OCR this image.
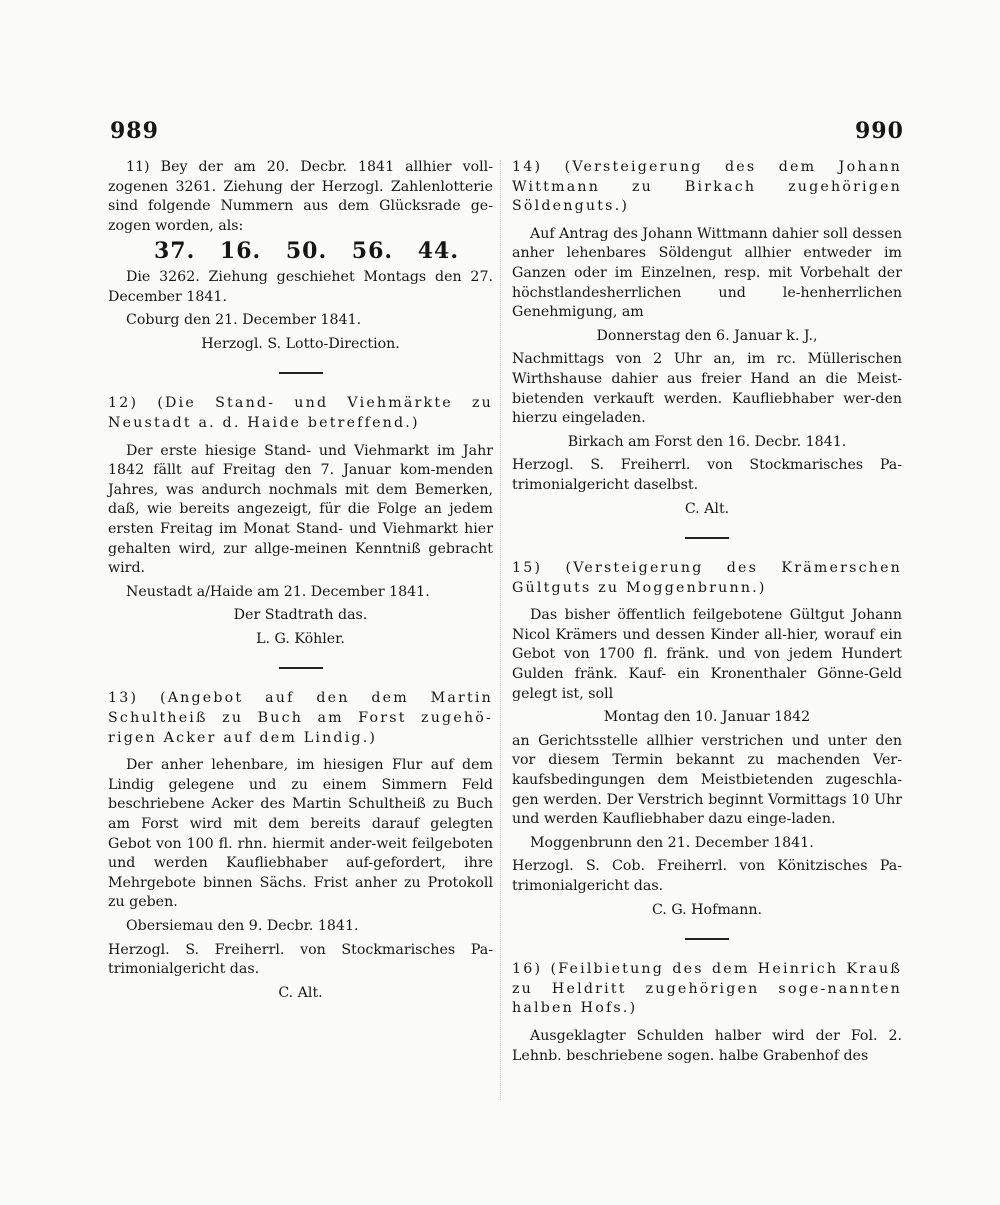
989	990

11) Bey der am 20. Decbr. 1841 allhier voll-zogenen 3261. Ziehung der Herzogl. Zahlenlotterie sind folgende Nummern aus dem Glücksrade ge-zogen worden, als:

37. 16. 50. 56. 44.

Die 3262. Ziehung geschiehet Montags den 27. December 1841.

Coburg den 21. December 1841.

Herzogl. S. Lotto-Direction.

12) (Die Stand- und Viehmärkte zu Neustadt a. d. Haide betreffend.)

Der erste hiesige Stand- und Viehmarkt im Jahr 1842 fällt auf Freitag den 7. Januar kom-menden Jahres, was andurch nochmals mit dem Bemerken, daß, wie bereits angezeigt, für die Folge an jedem ersten Freitag im Monat Stand- und Viehmarkt hier gehalten wird, zur allge-meinen Kenntniß gebracht wird.

Neustadt a/Haide am 21. December 1841.

Der Stadtrath das.

L. G. Köhler.

13) (Angebot auf den dem Martin Schultheiß zu Buch am Forst zugehö-rigen Acker auf dem Lindig.)

Der anher lehenbare, im hiesigen Flur auf dem Lindig gelegene und zu einem Simmern Feld beschriebene Acker des Martin Schultheiß zu Buch am Forst wird mit dem bereits darauf gelegten Gebot von 100 fl. rhn. hiermit ander-weit feilgeboten und werden Kaufliebhaber auf-gefordert, ihre Mehrgebote binnen Sächs. Frist anher zu Protokoll zu geben.

Obersiemau den 9. Decbr. 1841.

Herzogl. S. Freiherrl. von Stockmarisches Pa-trimonialgericht das.

C. Alt.

14) (Versteigerung des dem Johann Wittmann zu Birkach zugehörigen Söldenguts.)

Auf Antrag des Johann Wittmann dahier soll dessen anher lehenbares Söldengut allhier entweder im Ganzen oder im Einzelnen, resp. mit Vorbehalt der höchstlandesherrlichen und le-henherrlichen Genehmigung, am

Donnerstag den 6. Januar k. J.,

Nachmittags von 2 Uhr an, im rc. Müllerischen Wirthshause dahier aus freier Hand an die Meist-bietenden verkauft werden. Kaufliebhaber wer-den hierzu eingeladen.

Birkach am Forst den 16. Decbr. 1841.

Herzogl. S. Freiherrl. von Stockmarisches Pa-trimonialgericht daselbst.

C. Alt.

15) (Versteigerung des Krämerschen Gültguts zu Moggenbrunn.)

Das bisher öffentlich feilgebotene Gültgut Johann Nicol Krämers und dessen Kinder all-hier, worauf ein Gebot von 1700 fl. fränk. und von jedem Hundert Gulden fränk. Kauf- ein Kronenthaler Gönne-Geld gelegt ist, soll

Montag den 10. Januar 1842

an Gerichtsstelle allhier verstrichen und unter den vor diesem Termin bekannt zu machenden Ver-kaufsbedingungen dem Meistbietenden zugeschla-gen werden. Der Verstrich beginnt Vormittags 10 Uhr und werden Kaufliebhaber dazu einge-laden.

Moggenbrunn den 21. December 1841.

Herzogl. S. Cob. Freiherrl. von Könitzisches Pa-trimonialgericht das.

C. G. Hofmann.

16) (Feilbietung des dem Heinrich Krauß zu Heldritt zugehörigen soge-nannten halben Hofs.)

Ausgeklagter Schulden halber wird der Fol. 2. Lehnb. beschriebene sogen. halbe Grabenhof des
